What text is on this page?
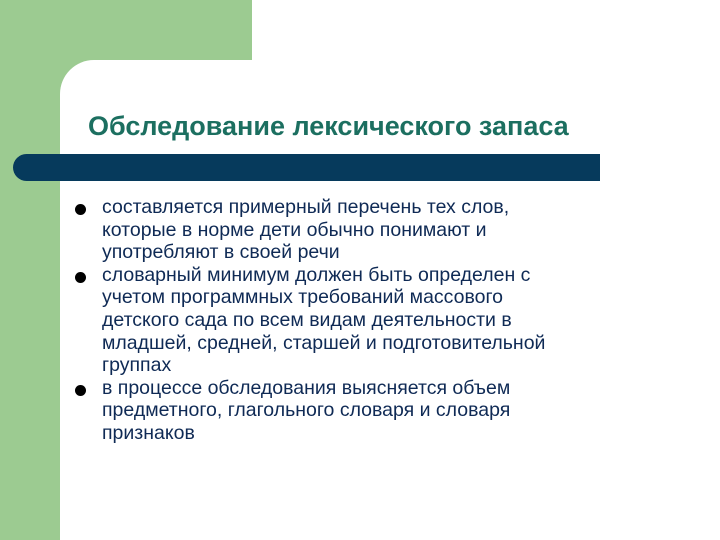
Обследование лексического запаса
составляется примерный перечень тех слов,
которые в норме дети обычно понимают и
употребляют в своей речи
словарный минимум должен быть определен с
учетом программных требований массового
детского сада по всем видам деятельности в
младшей, средней, старшей и подготовительной
группах
в процессе обследования выясняется объем
предметного, глагольного словаря и словаря
признаков
